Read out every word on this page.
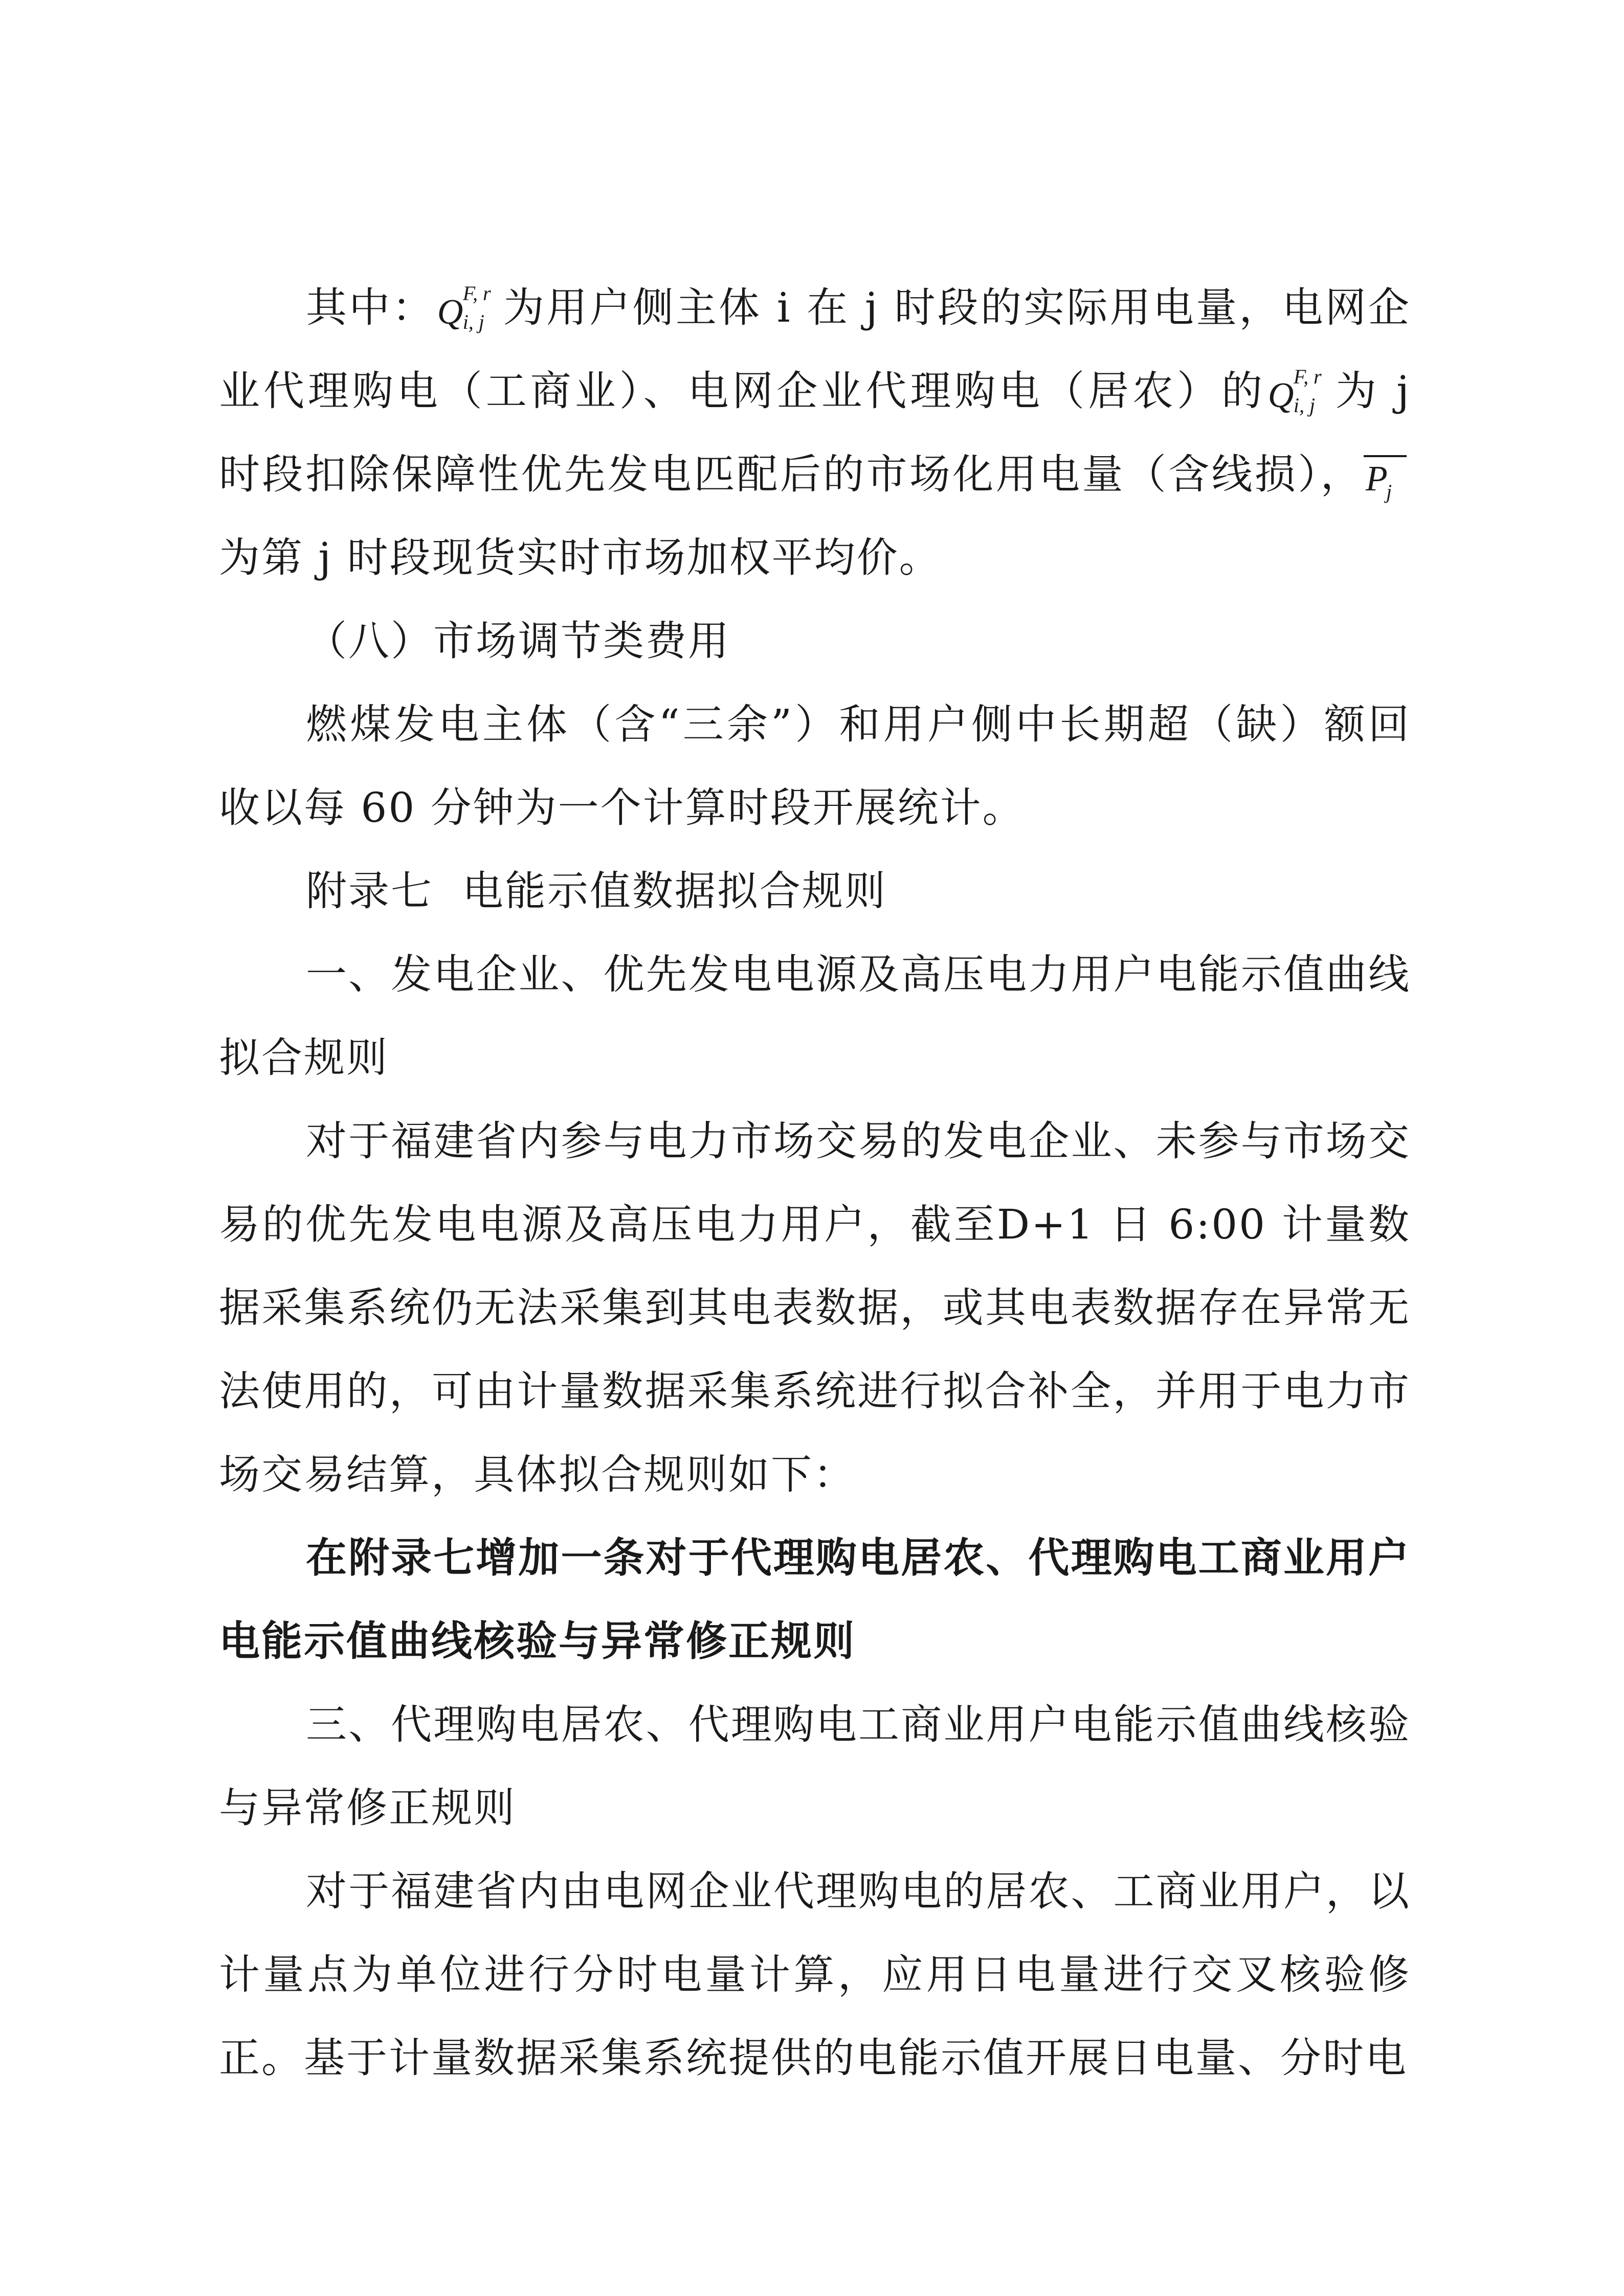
其中：Q F, r
i, j 为用户侧主体 i 在 j 时段的实际用电量，电网企业代理购电（工商业）、电网企业代理购电（居农）的Q F, r
i, j 为 j 时段扣除保障性优先发电匹配后的市场化用电量（含线损），P
j
为第 j 时段现货实时市场加权平均价。

（八）市场调节类费用

燃煤发电主体（含“三余”）和用户侧中长期超（缺）额回收以每 60 分钟为一个计算时段开展统计。

附录七  电能示值数据拟合规则

一、发电企业、优先发电电源及高压电力用户电能示值曲线拟合规则

对于福建省内参与电力市场交易的发电企业、未参与市场交易的优先发电电源及高压电力用户，截至D+1 日 6:00 计量数据采集系统仍无法采集到其电表数据，或其电表数据存在异常无法使用的，可由计量数据采集系统进行拟合补全，并用于电力市场交易结算，具体拟合规则如下：

在附录七增加一条对于代理购电居农、代理购电工商业用户电能示值曲线核验与异常修正规则

三、代理购电居农、代理购电工商业用户电能示值曲线核验与异常修正规则

对于福建省内由电网企业代理购电的居农、工商业用户，以计量点为单位进行分时电量计算，应用日电量进行交叉核验修正。基于计量数据采集系统提供的电能示值开展日电量、分时电
